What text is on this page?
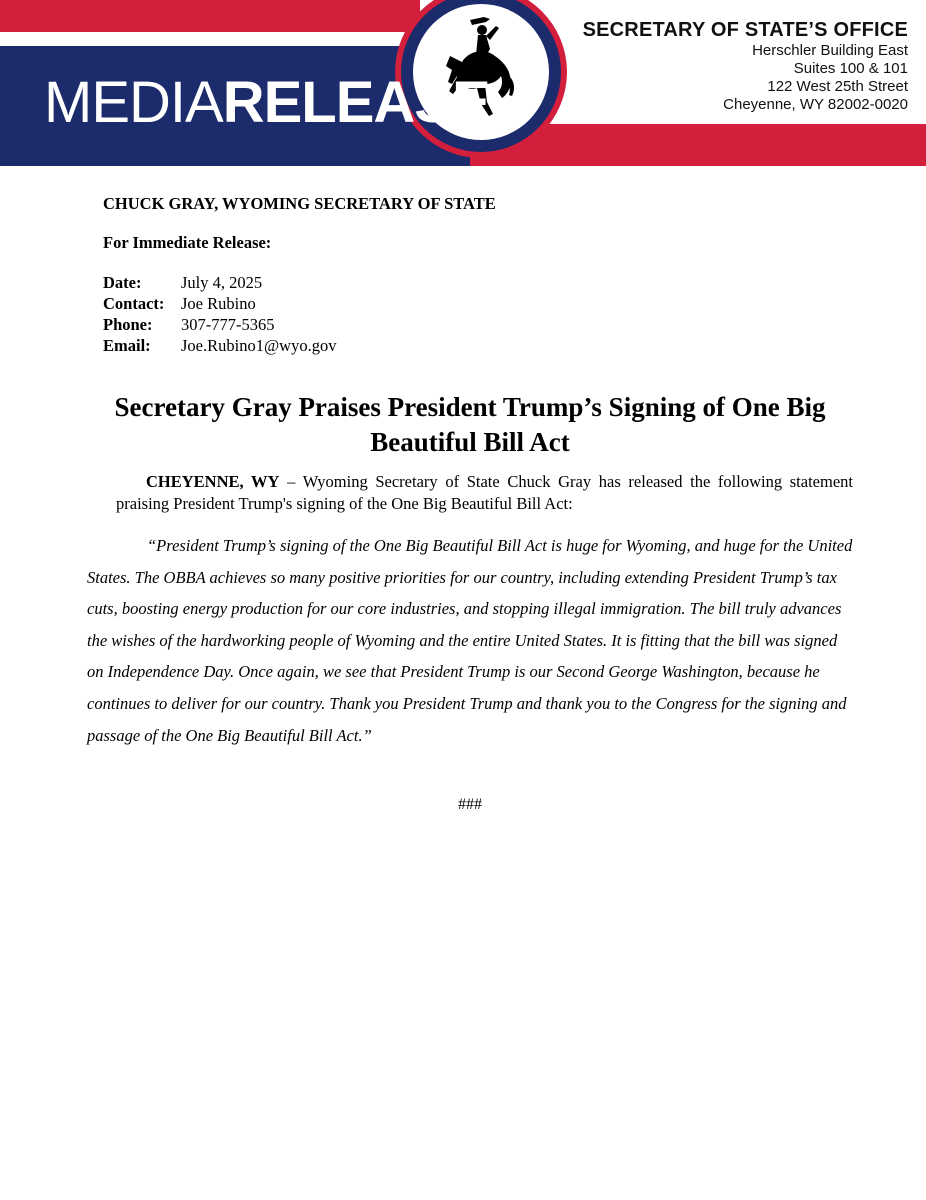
MEDIARELEASE
SECRETARY OF STATE’S OFFICE
Herschler Building East
Suites 100 & 101
122 West 25th Street
Cheyenne, WY 82002-0020
CHUCK GRAY, WYOMING SECRETARY OF STATE
For Immediate Release:
Date: July 4, 2025
Contact: Joe Rubino
Phone: 307-777-5365
Email: Joe.Rubino1@wyo.gov
Secretary Gray Praises President Trump’s Signing of One Big Beautiful Bill Act
CHEYENNE, WY – Wyoming Secretary of State Chuck Gray has released the following statement praising President Trump's signing of the One Big Beautiful Bill Act:

“President Trump’s signing of the One Big Beautiful Bill Act is huge for Wyoming, and huge for the United States. The OBBA achieves so many positive priorities for our country, including extending President Trump’s tax cuts, boosting energy production for our core industries, and stopping illegal immigration. The bill truly advances the wishes of the hardworking people of Wyoming and the entire United States. It is fitting that the bill was signed on Independence Day. Once again, we see that President Trump is our Second George Washington, because he continues to deliver for our country. Thank you President Trump and thank you to the Congress for the signing and passage of the One Big Beautiful Bill Act.”

###
